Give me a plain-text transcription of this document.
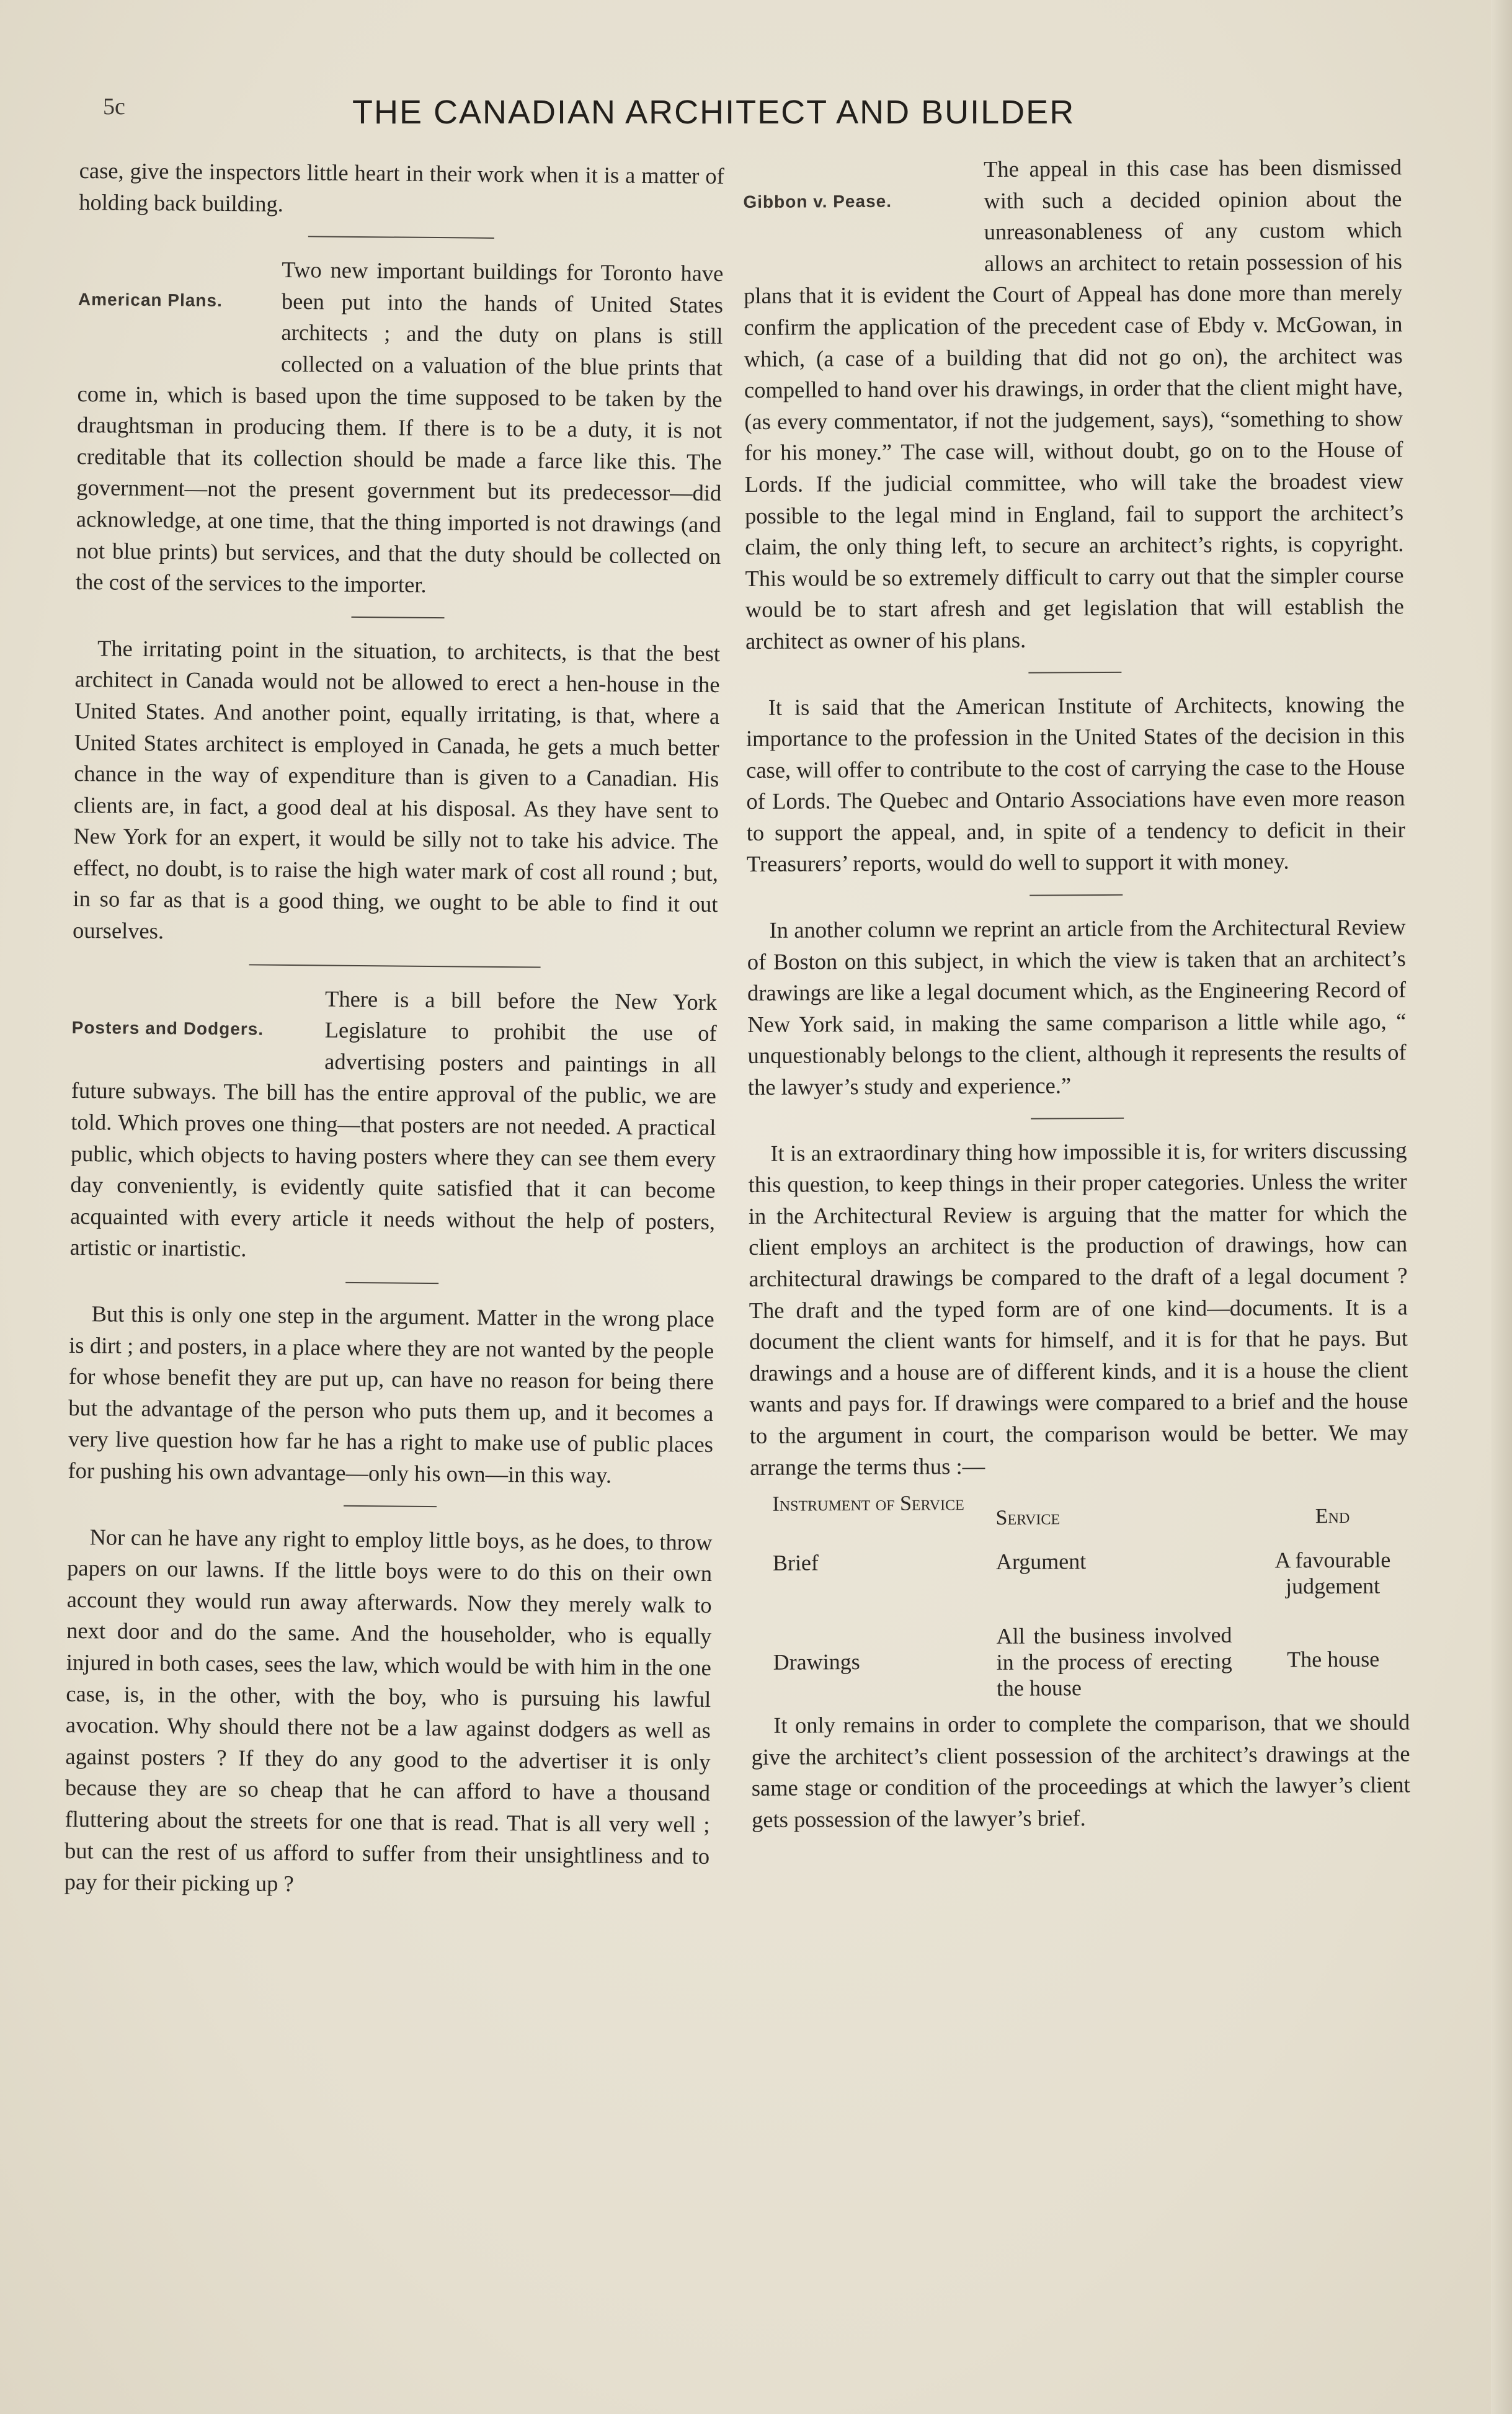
5c	THE CANADIAN ARCHITECT AND BUILDER

case, give the inspectors little heart in their work when it is a matter of holding back building.

American Plans.

Two new important buildings for Toronto have been put into the hands of United States architects ; and the duty on plans is still collected on a valuation of the blue prints that come in, which is based upon the time supposed to be taken by the draughtsman in producing them. If there is to be a duty, it is not creditable that its collection should be made a farce like this. The government—not the present government but its predecessor—did acknowledge, at one time, that the thing imported is not drawings (and not blue prints) but services, and that the duty should be collected on the cost of the services to the importer.

The irritating point in the situation, to architects, is that the best architect in Canada would not be allowed to erect a hen-house in the United States. And another point, equally irritating, is that, where a United States architect is employed in Canada, he gets a much better chance in the way of expenditure than is given to a Canadian. His clients are, in fact, a good deal at his disposal. As they have sent to New York for an expert, it would be silly not to take his advice. The effect, no doubt, is to raise the high water mark of cost all round ; but, in so far as that is a good thing, we ought to be able to find it out ourselves.

Posters and Dodgers.

There is a bill before the New York Legislature to prohibit the use of advertising posters and paintings in all future subways. The bill has the entire approval of the public, we are told. Which proves one thing—that posters are not needed. A practical public, which objects to having posters where they can see them every day conveniently, is evidently quite satisfied that it can become acquainted with every article it needs without the help of posters, artistic or inartistic.

But this is only one step in the argument. Matter in the wrong place is dirt ; and posters, in a place where they are not wanted by the people for whose benefit they are put up, can have no reason for being there but the advantage of the person who puts them up, and it becomes a very live question how far he has a right to make use of public places for pushing his own advantage—only his own—in this way.

Nor can he have any right to employ little boys, as he does, to throw papers on our lawns. If the little boys were to do this on their own account they would run away afterwards. Now they merely walk to next door and do the same. And the householder, who is equally injured in both cases, sees the law, which would be with him in the one case, is, in the other, with the boy, who is pursuing his lawful avocation. Why should there not be a law against dodgers as well as against posters ? If they do any good to the advertiser it is only because they are so cheap that he can afford to have a thousand fluttering about the streets for one that is read. That is all very well ; but can the rest of us afford to suffer from their unsightliness and to pay for their picking up ?

Gibbon v. Pease.

The appeal in this case has been dismissed with such a decided opinion about the unreasonableness of any custom which allows an architect to retain possession of his plans that it is evident the Court of Appeal has done more than merely confirm the application of the precedent case of Ebdy v. McGowan, in which, (a case of a building that did not go on), the architect was compelled to hand over his drawings, in order that the client might have, (as every commentator, if not the judgement, says), “something to show for his money.” The case will, without doubt, go on to the House of Lords. If the judicial committee, who will take the broadest view possible to the legal mind in England, fail to support the architect’s claim, the only thing left, to secure an architect’s rights, is copyright. This would be so extremely difficult to carry out that the simpler course would be to start afresh and get legislation that will establish the architect as owner of his plans.

It is said that the American Institute of Architects, knowing the importance to the profession in the United States of the decision in this case, will offer to contribute to the cost of carrying the case to the House of Lords. The Quebec and Ontario Associations have even more reason to support the appeal, and, in spite of a tendency to deficit in their Treasurers’ reports, would do well to support it with money.

In another column we reprint an article from the Architectural Review of Boston on this subject, in which the view is taken that an architect’s drawings are like a legal document which, as the Engineering Record of New York said, in making the same comparison a little while ago, “ unquestionably belongs to the client, although it represents the results of the lawyer’s study and experience.”

It is an extraordinary thing how impossible it is, for writers discussing this question, to keep things in their proper categories. Unless the writer in the Architectural Review is arguing that the matter for which the client employs an architect is the production of drawings, how can architectural drawings be compared to the draft of a legal document ? The draft and the typed form are of one kind—documents. It is a document the client wants for himself, and it is for that he pays. But drawings and a house are of different kinds, and it is a house the client wants and pays for. If drawings were compared to a brief and the house to the argument in court, the comparison would be better. We may arrange the terms thus :—

Instrument of Service	Service	End
Brief	Argument	A favourable judgement
Drawings	All the business involved in the process of erecting the house	The house

It only remains in order to complete the comparison, that we should give the architect’s client possession of the architect’s drawings at the same stage or condition of the proceedings at which the lawyer’s client gets possession of the lawyer’s brief.
